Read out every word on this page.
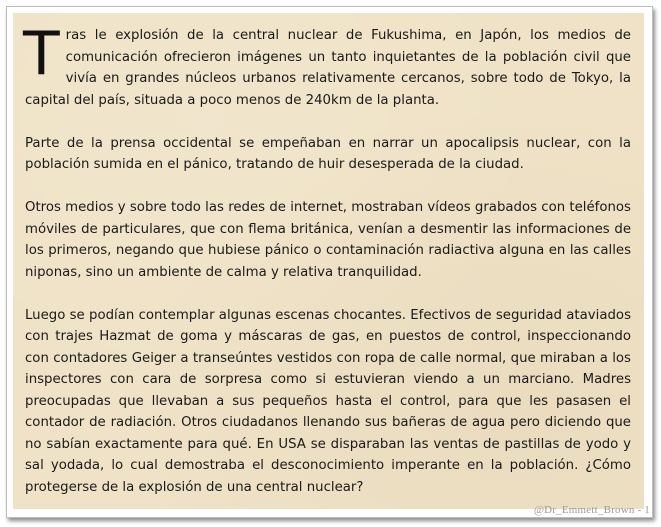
Tras le explosión de la central nuclear de Fukushima, en Japón, los medios de comunicación ofrecieron imágenes un tanto inquietantes de la población civil que vivía en grandes núcleos urbanos relativamente cercanos, sobre todo de Tokyo, la capital del país, situada a poco menos de 240km de la planta.

Parte de la prensa occidental se empeñaban en narrar un apocalipsis nuclear, con la población sumida en el pánico, tratando de huir desesperada de la ciudad.

Otros medios y sobre todo las redes de internet, mostraban vídeos grabados con teléfonos móviles de particulares, que con flema británica, venían a desmentir las informaciones de los primeros, negando que hubiese pánico o contaminación radiactiva alguna en las calles niponas, sino un ambiente de calma y relativa tranquilidad.

Luego se podían contemplar algunas escenas chocantes. Efectivos de seguridad ataviados con trajes Hazmat de goma y máscaras de gas, en puestos de control, inspeccionando con contadores Geiger a transeúntes vestidos con ropa de calle normal, que miraban a los inspectores con cara de sorpresa como si estuvieran viendo a un marciano. Madres preocupadas que llevaban a sus pequeños hasta el control, para que les pasasen el contador de radiación. Otros ciudadanos llenando sus bañeras de agua pero diciendo que no sabían exactamente para qué. En USA se disparaban las ventas de pastillas de yodo y sal yodada, lo cual demostraba el desconocimiento imperante en la población. ¿Cómo protegerse de la explosión de una central nuclear?

@Dr_Emmett_Brown - 1
